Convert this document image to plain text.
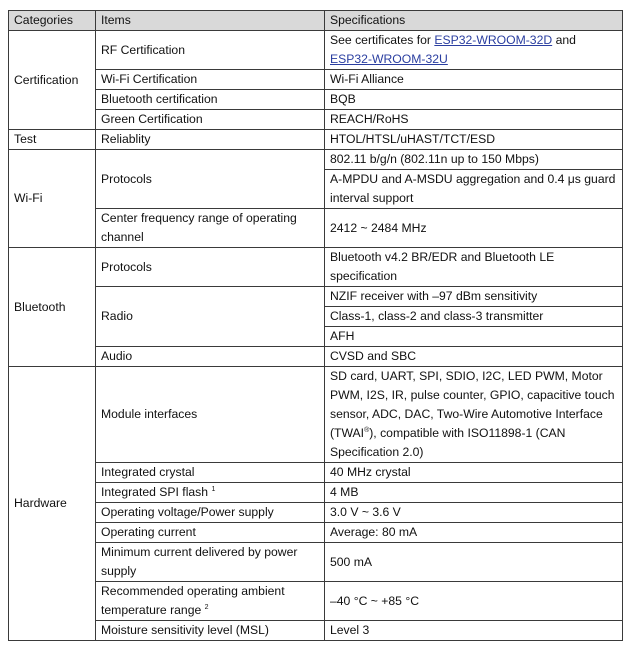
Categories	Items	Specifications
Certification	RF Certification	See certificates for ESP32-WROOM-32D and ESP32-WROOM-32U
	Wi-Fi Certification	Wi-Fi Alliance
	Bluetooth certification	BQB
	Green Certification	REACH/RoHS
Test	Reliablity	HTOL/HTSL/uHAST/TCT/ESD
Wi-Fi	Protocols	802.11 b/g/n (802.11n up to 150 Mbps)
		A-MPDU and A-MSDU aggregation and 0.4 μs guard interval support
	Center frequency range of operating channel	2412 ~ 2484 MHz
Bluetooth	Protocols	Bluetooth v4.2 BR/EDR and Bluetooth LE specification
	Radio	NZIF receiver with –97 dBm sensitivity
		Class-1, class-2 and class-3 transmitter
		AFH
	Audio	CVSD and SBC
Hardware	Module interfaces	SD card, UART, SPI, SDIO, I2C, LED PWM, Motor PWM, I2S, IR, pulse counter, GPIO, capacitive touch sensor, ADC, DAC, Two-Wire Automotive Interface (TWAI®), compatible with ISO11898-1 (CAN Specification 2.0)
	Integrated crystal	40 MHz crystal
	Integrated SPI flash $^1$	4 MB
	Operating voltage/Power supply	3.0 V ~ 3.6 V
	Operating current	Average: 80 mA
	Minimum current delivered by power supply	500 mA
	Recommended operating ambient temperature range $^2$	–40 °C ~ +85 °C
	Moisture sensitivity level (MSL)	Level 3
